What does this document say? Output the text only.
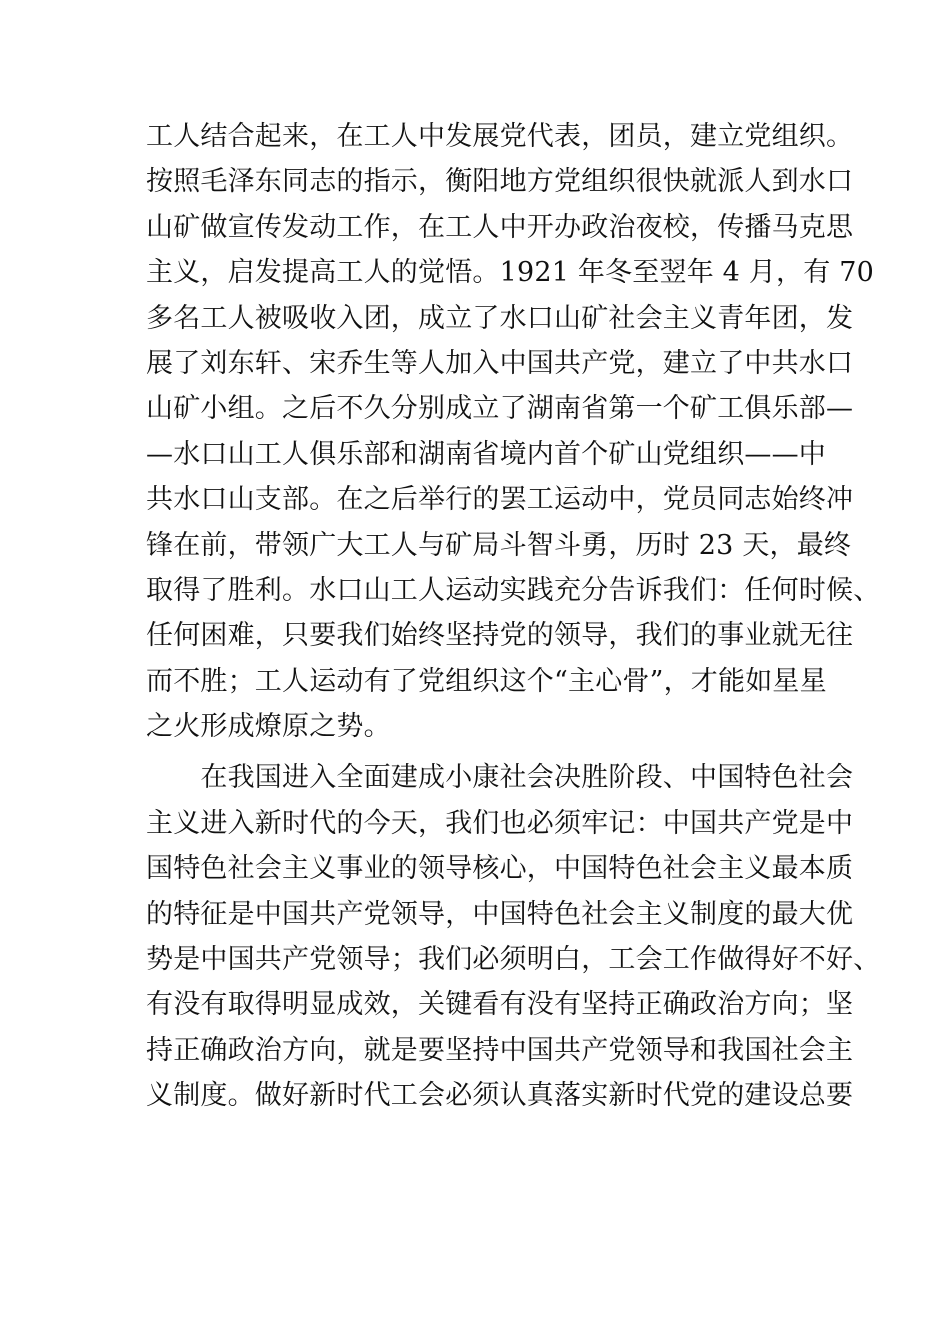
工人结合起来，在工人中发展党代表，团员，建立党组织。
按照毛泽东同志的指示，衡阳地方党组织很快就派人到水口
山矿做宣传发动工作，在工人中开办政治夜校，传播马克思
主义，启发提高工人的觉悟。1921 年冬至翌年 4 月，有 70
多名工人被吸收入团，成立了水口山矿社会主义青年团，发
展了刘东轩、宋乔生等人加入中国共产党，建立了中共水口
山矿小组。之后不久分别成立了湖南省第一个矿工俱乐部—
—水口山工人俱乐部和湖南省境内首个矿山党组织——中
共水口山支部。在之后举行的罢工运动中，党员同志始终冲
锋在前，带领广大工人与矿局斗智斗勇，历时 23 天，最终
取得了胜利。水口山工人运动实践充分告诉我们：任何时候、
任何困难，只要我们始终坚持党的领导，我们的事业就无往
而不胜；工人运动有了党组织这个“主心骨”，才能如星星
之火形成燎原之势。
　　在我国进入全面建成小康社会决胜阶段、中国特色社会
主义进入新时代的今天，我们也必须牢记：中国共产党是中
国特色社会主义事业的领导核心，中国特色社会主义最本质
的特征是中国共产党领导，中国特色社会主义制度的最大优
势是中国共产党领导；我们必须明白，工会工作做得好不好、
有没有取得明显成效，关键看有没有坚持正确政治方向；坚
持正确政治方向，就是要坚持中国共产党领导和我国社会主
义制度。做好新时代工会必须认真落实新时代党的建设总要
